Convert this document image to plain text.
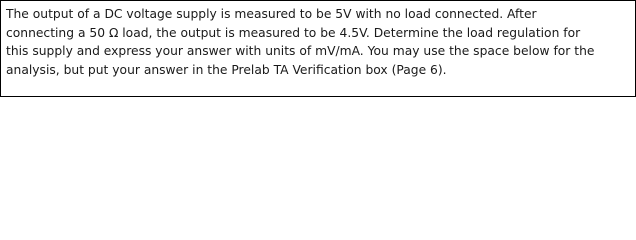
The output of a DC voltage supply is measured to be 5V with no load connected. After
connecting a 50 Ω load, the output is measured to be 4.5V. Determine the load regulation for
this supply and express your answer with units of mV/mA. You may use the space below for the
analysis, but put your answer in the Prelab TA Verification box (Page 6).
